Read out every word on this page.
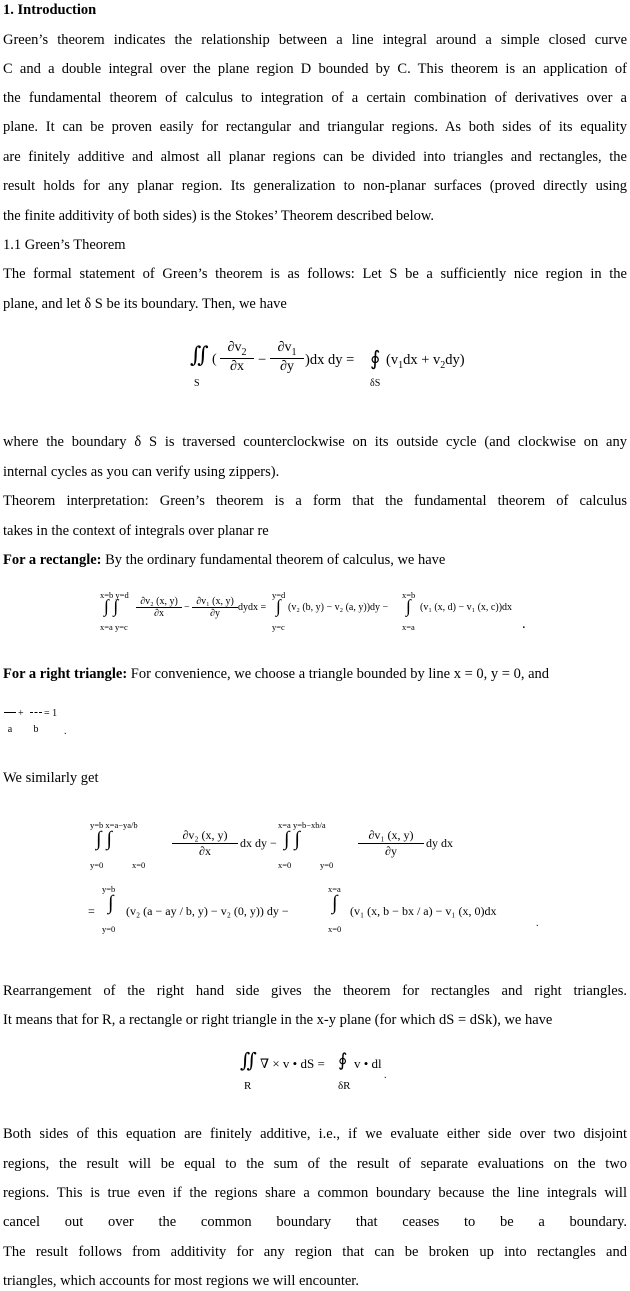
1. Introduction
Green’s theorem indicates the relationship between a line integral around a simple closed curve
C and a double integral over the plane region D bounded by C. This theorem is an application of
the fundamental theorem of calculus to integration of a certain combination of derivatives over a
plane. It can be proven easily for rectangular and triangular regions. As both sides of its equality
are finitely additive and almost all planar regions can be divided into triangles and rectangles, the
result holds for any planar region. Its generalization to non-planar surfaces (proved directly using
the finite additivity of both sides) is the Stokes’ Theorem described below.
1.1 Green’s Theorem
The formal statement of Green’s theorem is as follows: Let S be a sufficiently nice region in the
plane, and let δ S be its boundary. Then, we have
∬
S
( $\frac{\partial v_2}{\partial x} - \frac{\partial v_1}{\partial y} )dx$ dy = ∮
δS
$(v_1dx + v_2dy)$
where the boundary δ S is traversed counterclockwise on its outside cycle (and clockwise on any
internal cycles as you can verify using zippers).
Theorem interpretation: Green’s theorem is a form that the fundamental theorem of calculus
takes in the context of integrals over planar re
For a rectangle: By the ordinary fundamental theorem of calculus, we have
x=b y=d
∫ ∫
x=a y=c
$\frac{\text{∂v₂ (x, y)}}{\partial x} - \frac{\text{∂v₁ (x, y)}}{\partial y}$ dydx =
y=d
∫
y=c
(v₂ (b, y) − v₂ (a, y))dy −
x=b
∫
x=a
(v₁ (x, d) − v₁ (x, c))dx
.
For a right triangle: For convenience, we choose a triangle bounded by line x = 0, y = 0, and
a
+
b
= 1
.
We similarly get
y=b x=a−ya/b
∫ ∫
y=0	x=0
$\frac{\text{∂v₂ (x, y)}}{\partial x}$ dx dy −
x=a y=b−xb/a
∫ ∫
x=0	y=0
$\frac{\text{∂v₁ (x, y)}}{\partial y}$ dy dx
=
y=b
∫
y=0
(v₂ (a − ay / b, y) − v₂ (0, y)) dy −
x=a
∫
x=0
(v₁ (x, b − bx / a) − v₁ (x, 0)dx
.
Rearrangement of the right hand side gives the theorem for rectangles and right triangles.
It means that for R, a rectangle or right triangle in the x-y plane (for which dS = dSk), we have
∬
R
∇ × v • dS = ∮
δR
v • dl
.
Both sides of this equation are finitely additive, i.e., if we evaluate either side over two disjoint
regions, the result will be equal to the sum of the result of separate evaluations on the two
regions. This is true even if the regions share a common boundary because the line integrals will
cancel out over the common boundary that ceases to be a boundary.
The result follows from additivity for any region that can be broken up into rectangles and
triangles, which accounts for most regions we will encounter.
